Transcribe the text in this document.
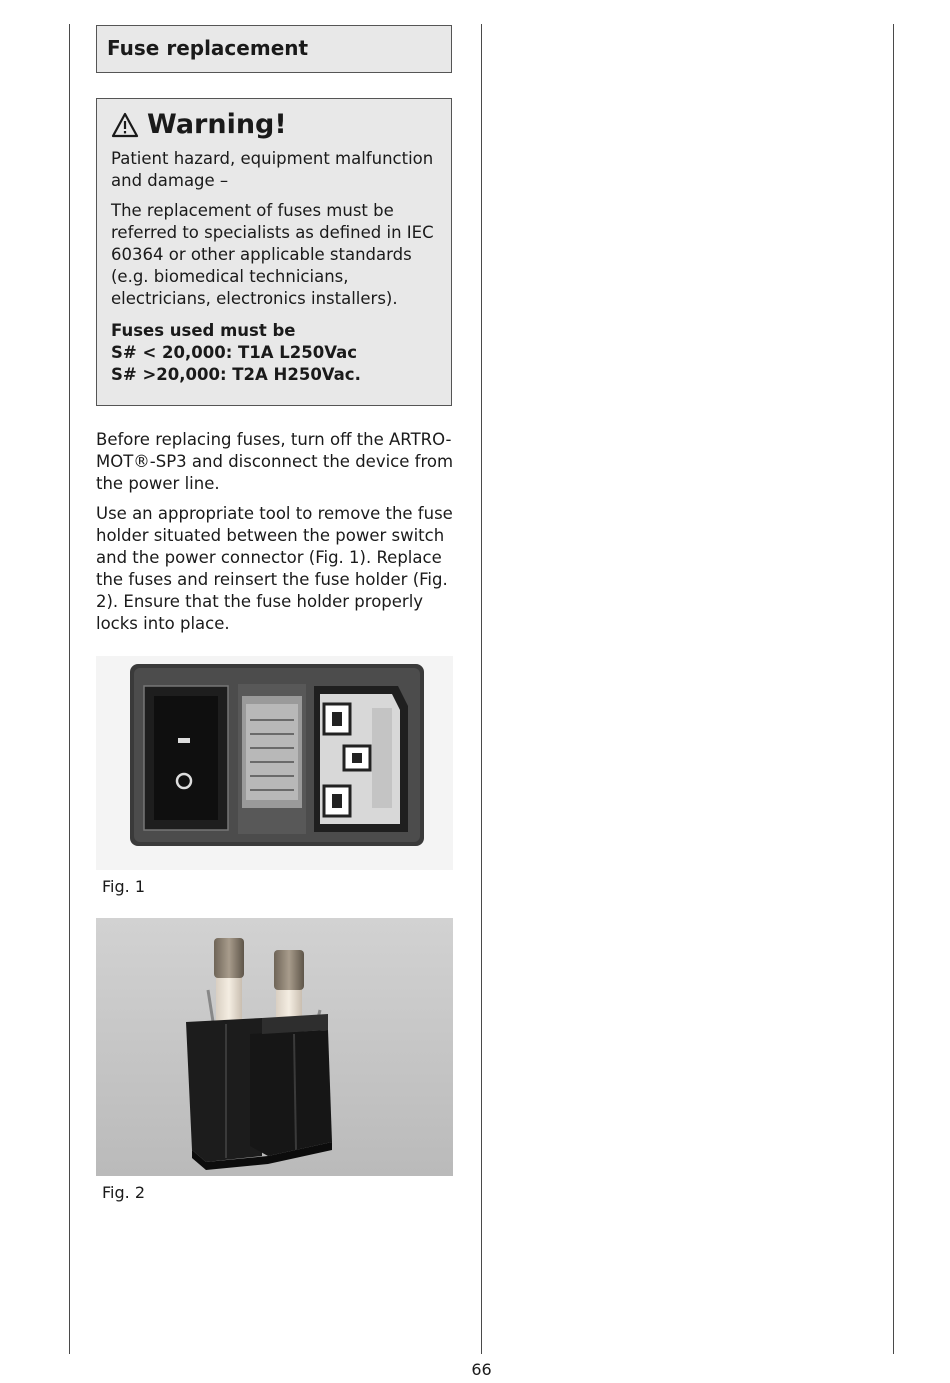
Fuse replacement
Warning!

Patient hazard, equipment malfunction and damage –

The replacement of fuses must be referred to specialists as defined in IEC 60364 or other applicable standards (e.g. biomedical technicians, electricians, electronics installers).

Fuses used must be
S# < 20,000: T1A L250Vac
S# >20,000: T2A H250Vac.

Before replacing fuses, turn off the ARTRO-MOT®-SP3 and disconnect the device from the power line.

Use an appropriate tool to remove the fuse holder situated between the power switch and the power connector (Fig. 1). Replace the fuses and reinsert the fuse holder (Fig. 2). Ensure that the fuse holder properly locks into place.

Fig. 1
Fig. 2
66
